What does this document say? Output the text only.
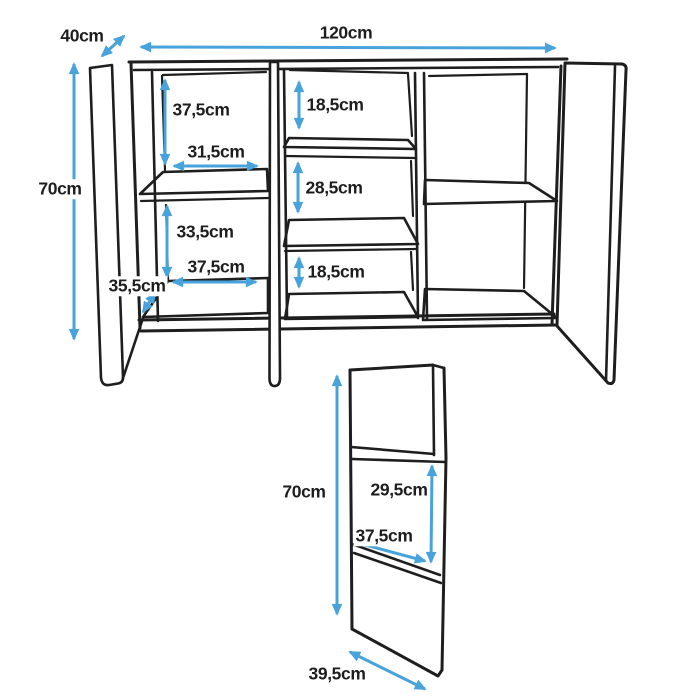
120cm
40cm
70cm
37,5cm
31,5cm
33,5cm
37,5cm
35,5cm
18,5cm
28,5cm
18,5cm
70cm	29,5cm
37,5cm
39,5cm
